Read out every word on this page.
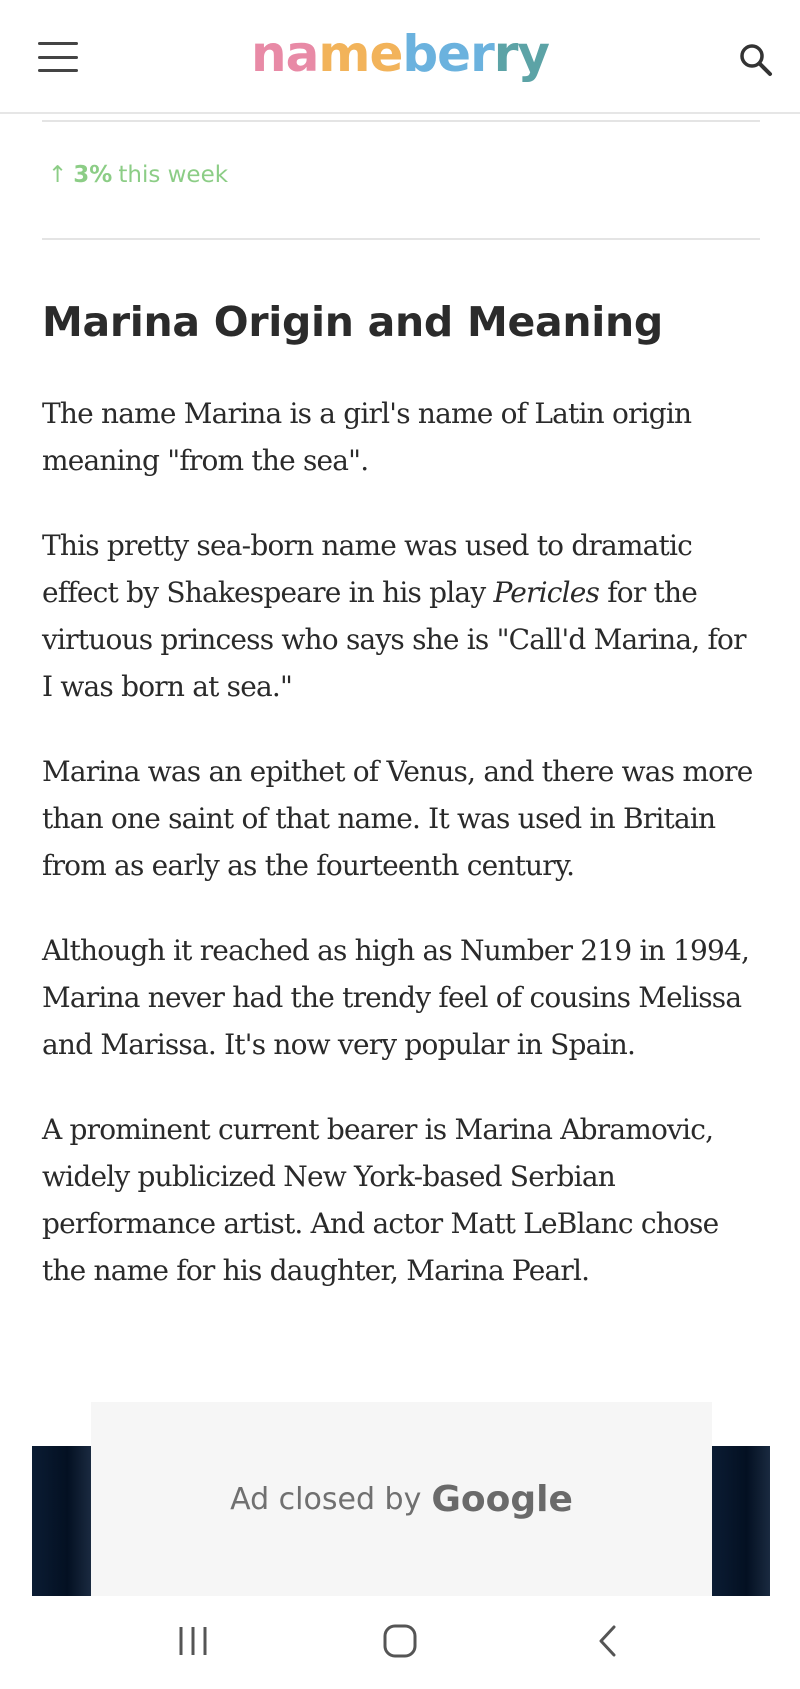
nameberry
↑ 3% this week
Marina Origin and Meaning

The name Marina is a girl's name of Latin origin meaning "from the sea".

This pretty sea-born name was used to dramatic effect by Shakespeare in his play Pericles for the virtuous princess who says she is "Call'd Marina, for I was born at sea."

Marina was an epithet of Venus, and there was more than one saint of that name. It was used in Britain from as early as the fourteenth century.

Although it reached as high as Number 219 in 1994, Marina never had the trendy feel of cousins Melissa and Marissa. It's now very popular in Spain.

A prominent current bearer is Marina Abramovic, widely publicized New York-based Serbian performance artist. And actor Matt LeBlanc chose the name for his daughter, Marina Pearl.

Ad closed by Google
